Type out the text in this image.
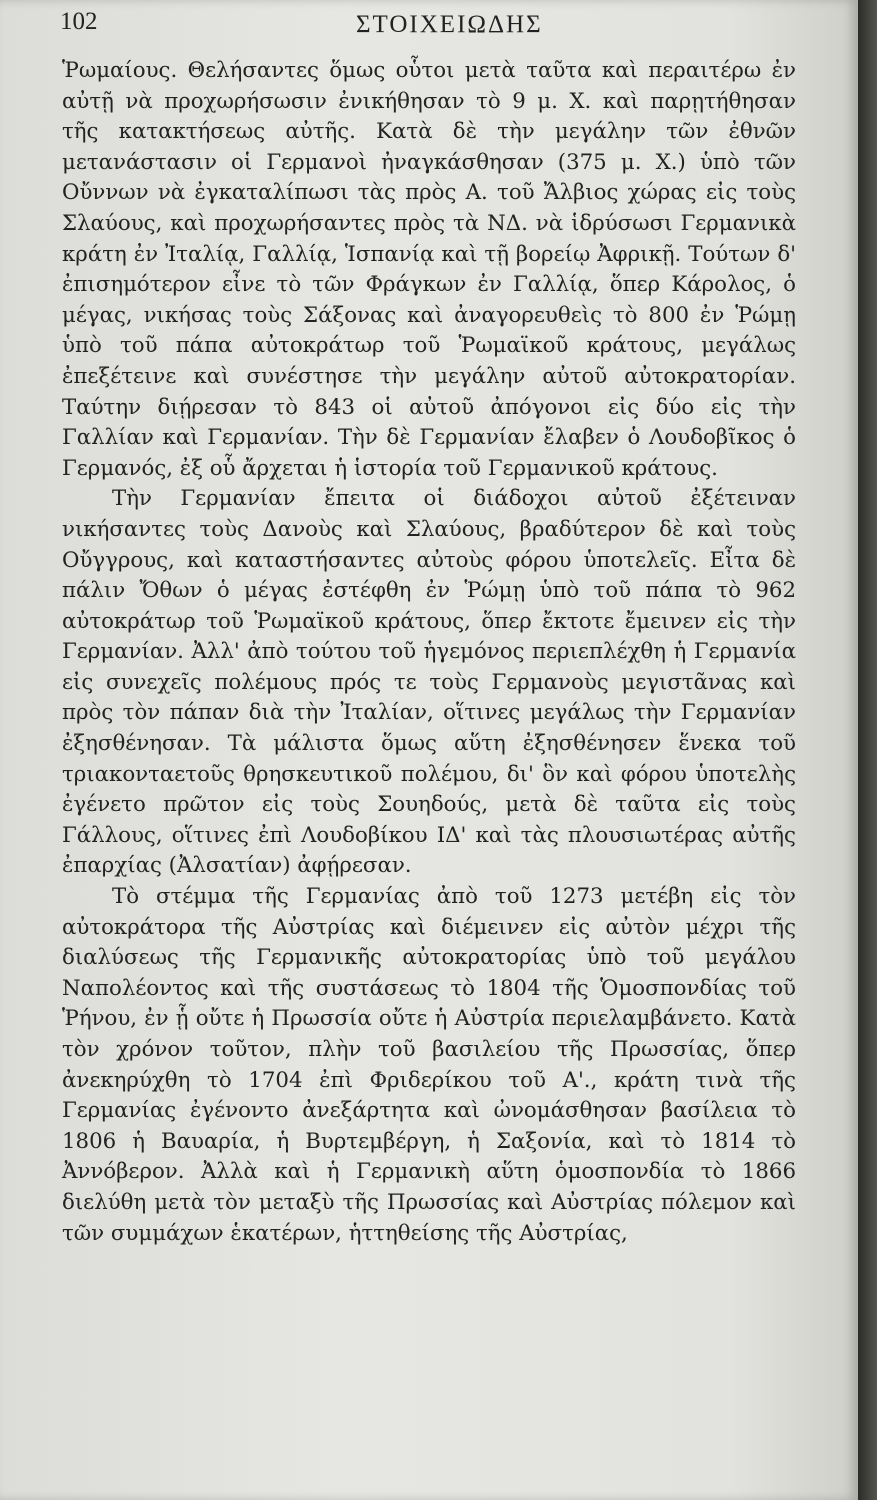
102	ΣΤΟΙΧΕΙΩΔΗΣ

Ῥωμαίους. Θελήσαντες ὅμως οὗτοι μετὰ ταῦτα καὶ περαιτέρω ἐν αὐτῇ νὰ προχωρήσωσιν ἐνικήθησαν τὸ 9 μ. Χ. καὶ παρῃτήθησαν τῆς κατακτήσεως αὐτῆς. Κατὰ δὲ τὴν μεγάλην τῶν ἐθνῶν μετανάστασιν οἱ Γερμανοὶ ἠναγκάσθησαν (375 μ. Χ.) ὑπὸ τῶν Οὔννων νὰ ἐγκαταλίπωσι τὰς πρὸς Α. τοῦ Ἄλβιος χώρας εἰς τοὺς Σλαύους, καὶ προχωρήσαντες πρὸς τὰ ΝΔ. νὰ ἱδρύσωσι Γερμανικὰ κράτη ἐν Ἰταλίᾳ, Γαλλίᾳ, Ἱσπανίᾳ καὶ τῇ βορείῳ Ἀφρικῇ. Τούτων δ' ἐπισημότερον εἶνε τὸ τῶν Φράγκων ἐν Γαλλίᾳ, ὅπερ Κάρολος, ὁ μέγας, νικήσας τοὺς Σάξονας καὶ ἀναγορευθεὶς τὸ 800 ἐν Ῥώμῃ ὑπὸ τοῦ πάπα αὐτοκράτωρ τοῦ Ῥωμαϊκοῦ κράτους, μεγάλως ἐπεξέτεινε καὶ συνέστησε τὴν μεγάλην αὐτοῦ αὐτοκρατορίαν. Ταύτην διῄρεσαν τὸ 843 οἱ αὐτοῦ ἀπόγονοι εἰς δύο εἰς τὴν Γαλλίαν καὶ Γερμανίαν. Τὴν δὲ Γερμανίαν ἔλαβεν ὁ Λουδοβῖκος ὁ Γερμανός, ἐξ οὗ ἄρχεται ἡ ἱστορία τοῦ Γερμανικοῦ κράτους.

Τὴν Γερμανίαν ἔπειτα οἱ διάδοχοι αὐτοῦ ἐξέτειναν νικήσαντες τοὺς Δανοὺς καὶ Σλαύους, βραδύτερον δὲ καὶ τοὺς Οὔγγρους, καὶ καταστήσαντες αὐτοὺς φόρου ὑποτελεῖς. Εἶτα δὲ πάλιν Ὄθων ὁ μέγας ἐστέφθη ἐν Ῥώμῃ ὑπὸ τοῦ πάπα τὸ 962 αὐτοκράτωρ τοῦ Ῥωμαϊκοῦ κράτους, ὅπερ ἔκτοτε ἔμεινεν εἰς τὴν Γερμανίαν. Ἀλλ' ἀπὸ τούτου τοῦ ἡγεμόνος περιεπλέχθη ἡ Γερμανία εἰς συνεχεῖς πολέμους πρός τε τοὺς Γερμανοὺς μεγιστᾶνας καὶ πρὸς τὸν πάπαν διὰ τὴν Ἰταλίαν, οἵτινες μεγάλως τὴν Γερμανίαν ἐξησθένησαν. Τὰ μάλιστα ὅμως αὕτη ἐξησθένησεν ἕνεκα τοῦ τριακονταετοῦς θρησκευτικοῦ πολέμου, δι' ὃν καὶ φόρου ὑποτελὴς ἐγένετο πρῶτον εἰς τοὺς Σουηδούς, μετὰ δὲ ταῦτα εἰς τοὺς Γάλλους, οἵτινες ἐπὶ Λουδοβίκου ΙΔ' καὶ τὰς πλουσιωτέρας αὐτῆς ἐπαρχίας (Ἀλσατίαν) ἀφῄρεσαν.

Τὸ στέμμα τῆς Γερμανίας ἀπὸ τοῦ 1273 μετέβη εἰς τὸν αὐτοκράτορα τῆς Αὐστρίας καὶ διέμεινεν εἰς αὐτὸν μέχρι τῆς διαλύσεως τῆς Γερμανικῆς αὐτοκρατορίας ὑπὸ τοῦ μεγάλου Ναπολέοντος καὶ τῆς συστάσεως τὸ 1804 τῆς Ὁμοσπονδίας τοῦ Ῥήνου, ἐν ᾗ οὔτε ἡ Πρωσσία οὔτε ἡ Αὐστρία περιελαμβάνετο. Κατὰ τὸν χρόνον τοῦτον, πλὴν τοῦ βασιλείου τῆς Πρωσσίας, ὅπερ ἀνεκηρύχθη τὸ 1704 ἐπὶ Φριδερίκου τοῦ Α'., κράτη τινὰ τῆς Γερμανίας ἐγένοντο ἀνεξάρτητα καὶ ὠνομάσθησαν βασίλεια τὸ 1806 ἡ Βαυαρία, ἡ Βυρτεμβέργη, ἡ Σαξονία, καὶ τὸ 1814 τὸ Ἀννόβερον. Ἀλλὰ καὶ ἡ Γερμανικὴ αὕτη ὁμοσπονδία τὸ 1866 διελύθη μετὰ τὸν μεταξὺ τῆς Πρωσσίας καὶ Αὐστρίας πόλεμον καὶ τῶν συμμάχων ἑκατέρων, ἡττηθείσης τῆς Αὐστρίας,
